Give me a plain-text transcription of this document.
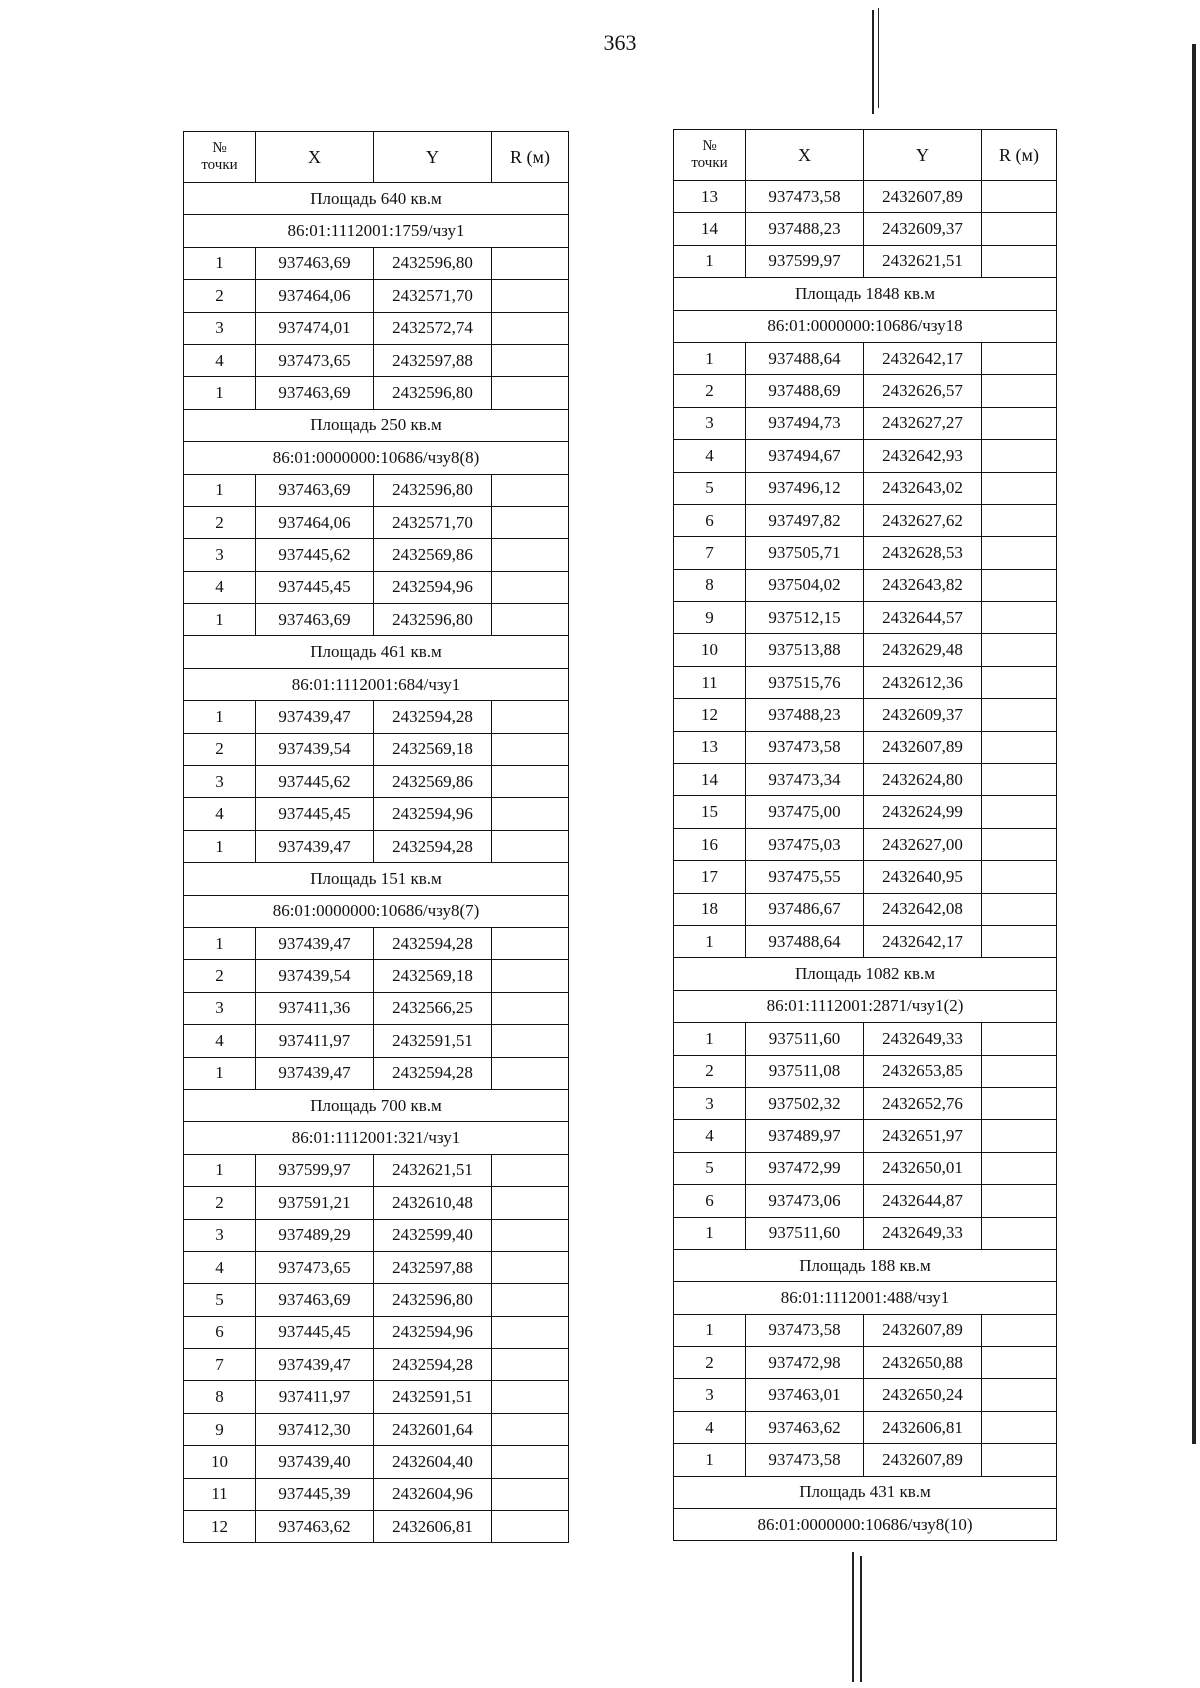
363
№
точки	X	Y	R (м)
Площадь 640 кв.м			
86:01:1112001:1759/чзу1			
1	937463,69	2432596,80	
2	937464,06	2432571,70	
3	937474,01	2432572,74	
4	937473,65	2432597,88	
1	937463,69	2432596,80	
Площадь 250 кв.м			
86:01:0000000:10686/чзу8(8)			
1	937463,69	2432596,80	
2	937464,06	2432571,70	
3	937445,62	2432569,86	
4	937445,45	2432594,96	
1	937463,69	2432596,80	
Площадь 461 кв.м			
86:01:1112001:684/чзу1			
1	937439,47	2432594,28	
2	937439,54	2432569,18	
3	937445,62	2432569,86	
4	937445,45	2432594,96	
1	937439,47	2432594,28	
Площадь 151 кв.м			
86:01:0000000:10686/чзу8(7)			
1	937439,47	2432594,28	
2	937439,54	2432569,18	
3	937411,36	2432566,25	
4	937411,97	2432591,51	
1	937439,47	2432594,28	
Площадь 700 кв.м			
86:01:1112001:321/чзу1			
1	937599,97	2432621,51	
2	937591,21	2432610,48	
3	937489,29	2432599,40	
4	937473,65	2432597,88	
5	937463,69	2432596,80	
6	937445,45	2432594,96	
7	937439,47	2432594,28	
8	937411,97	2432591,51	
9	937412,30	2432601,64	
10	937439,40	2432604,40	
11	937445,39	2432604,96	
12	937463,62	2432606,81	
№
точки	X	Y	R (м)
13	937473,58	2432607,89	
14	937488,23	2432609,37	
1	937599,97	2432621,51	
Площадь 1848 кв.м			
86:01:0000000:10686/чзу18			
1	937488,64	2432642,17	
2	937488,69	2432626,57	
3	937494,73	2432627,27	
4	937494,67	2432642,93	
5	937496,12	2432643,02	
6	937497,82	2432627,62	
7	937505,71	2432628,53	
8	937504,02	2432643,82	
9	937512,15	2432644,57	
10	937513,88	2432629,48	
11	937515,76	2432612,36	
12	937488,23	2432609,37	
13	937473,58	2432607,89	
14	937473,34	2432624,80	
15	937475,00	2432624,99	
16	937475,03	2432627,00	
17	937475,55	2432640,95	
18	937486,67	2432642,08	
1	937488,64	2432642,17	
Площадь 1082 кв.м			
86:01:1112001:2871/чзу1(2)			
1	937511,60	2432649,33	
2	937511,08	2432653,85	
3	937502,32	2432652,76	
4	937489,97	2432651,97	
5	937472,99	2432650,01	
6	937473,06	2432644,87	
1	937511,60	2432649,33	
Площадь 188 кв.м			
86:01:1112001:488/чзу1			
1	937473,58	2432607,89	
2	937472,98	2432650,88	
3	937463,01	2432650,24	
4	937463,62	2432606,81	
1	937473,58	2432607,89	
Площадь 431 кв.м			
86:01:0000000:10686/чзу8(10)			
